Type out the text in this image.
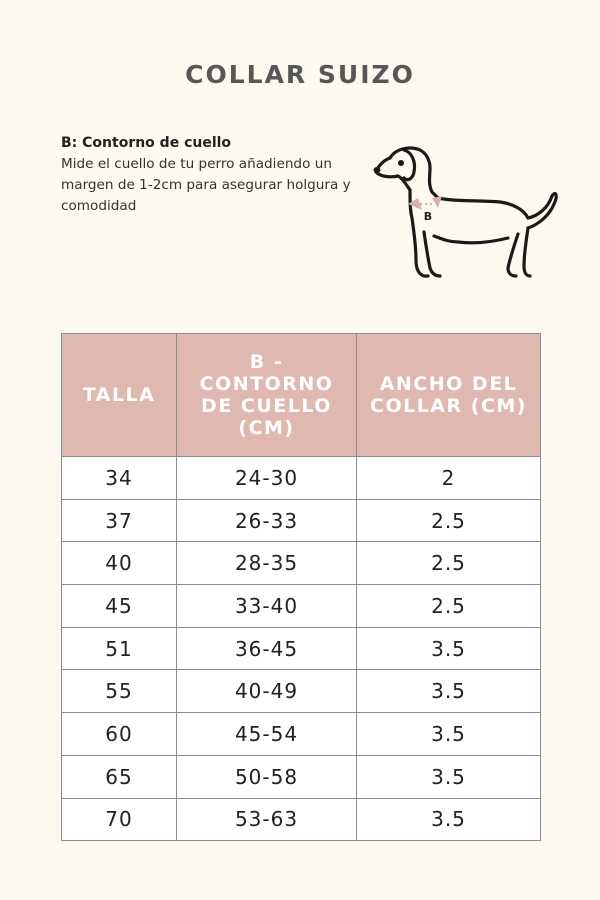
COLLAR SUIZO
B: Contorno de cuello
Mide el cuello de tu perro añadiendo un margen de 1-2cm para asegurar holgura y comodidad
B
TALLA	B - CONTORNO DE CUELLO (CM)	ANCHO DEL COLLAR (CM)
34	24-30	2
37	26-33	2.5
40	28-35	2.5
45	33-40	2.5
51	36-45	3.5
55	40-49	3.5
60	45-54	3.5
65	50-58	3.5
70	53-63	3.5
